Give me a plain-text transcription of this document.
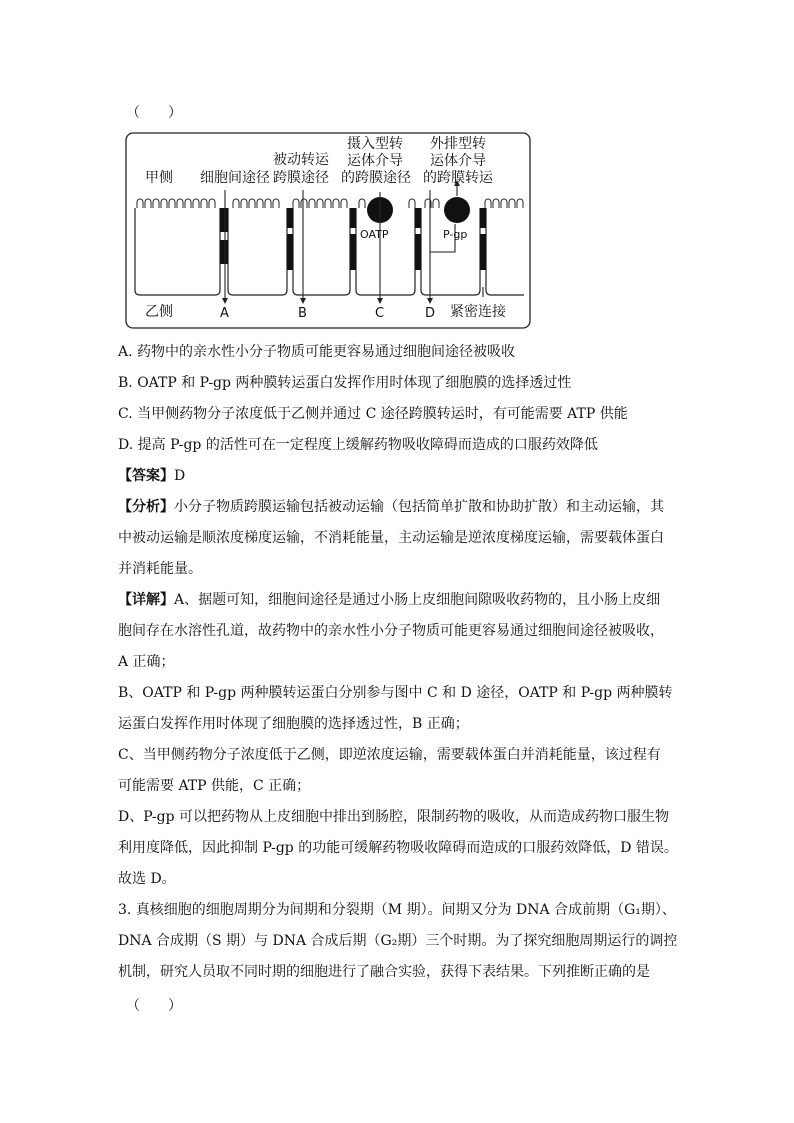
（　　）
甲侧 细胞间途径
被动转运
跨膜途径
摄入型转
运体介导
的跨膜途径
外排型转
运体介导
的跨膜转运
OATP	P-gp
乙侧	A	B	C	D 紧密连接
A. 药物中的亲水性小分子物质可能更容易通过细胞间途径被吸收
B. OATP 和 P-gp 两种膜转运蛋白发挥作用时体现了细胞膜的选择透过性
C. 当甲侧药物分子浓度低于乙侧并通过 C 途径跨膜转运时，有可能需要 ATP 供能
D. 提高 P-gp 的活性可在一定程度上缓解药物吸收障碍而造成的口服药效降低
【答案】D
【分析】小分子物质跨膜运输包括被动运输（包括简单扩散和协助扩散）和主动运输，其
中被动运输是顺浓度梯度运输，不消耗能量，主动运输是逆浓度梯度运输，需要载体蛋白
并消耗能量。
【详解】A、据题可知，细胞间途径是通过小肠上皮细胞间隙吸收药物的，且小肠上皮细
胞间存在水溶性孔道，故药物中的亲水性小分子物质可能更容易通过细胞间途径被吸收，
A 正确；
B、OATP 和 P-gp 两种膜转运蛋白分别参与图中 C 和 D 途径，OATP 和 P-gp 两种膜转
运蛋白发挥作用时体现了细胞膜的选择透过性，B 正确；
C、当甲侧药物分子浓度低于乙侧，即逆浓度运输，需要载体蛋白并消耗能量，该过程有
可能需要 ATP 供能，C 正确；
D、P-gp 可以把药物从上皮细胞中排出到肠腔，限制药物的吸收，从而造成药物口服生物
利用度降低，因此抑制 P-gp 的功能可缓解药物吸收障碍而造成的口服药效降低，D 错误。
故选 D。
3. 真核细胞的细胞周期分为间期和分裂期（M 期）。间期又分为 DNA 合成前期（G₁期）、
DNA 合成期（S 期）与 DNA 合成后期（G₂期）三个时期。为了探究细胞周期运行的调控
机制，研究人员取不同时期的细胞进行了融合实验，获得下表结果。下列推断正确的是
（　　）
